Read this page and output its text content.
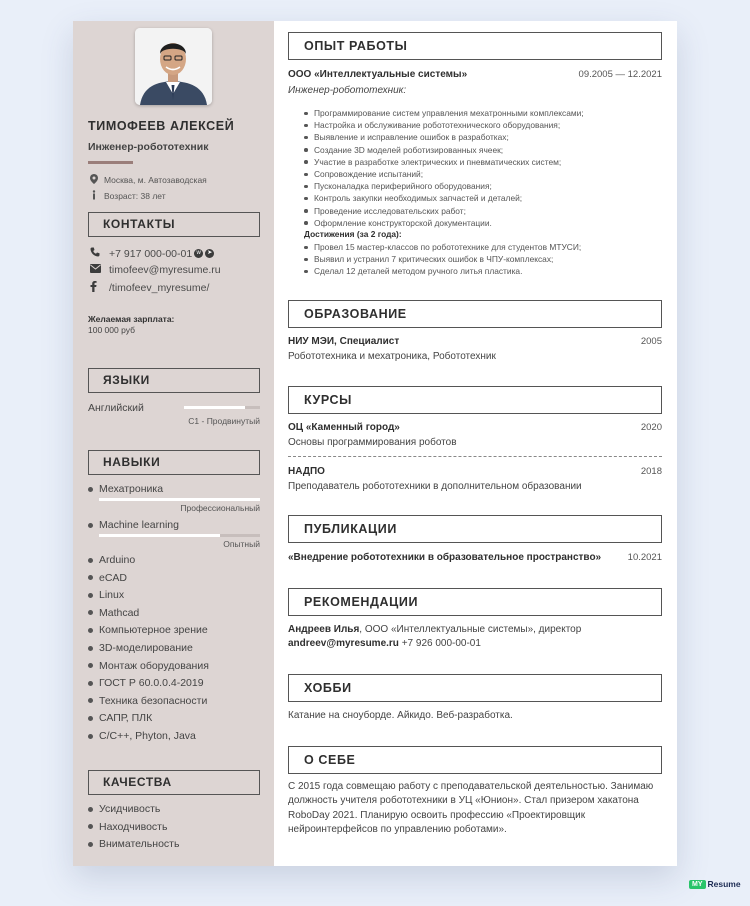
ТИМОФЕЕВ АЛЕКСЕЙ
Инженер-робототехник
Москва, м. Автозаводская
Возраст: 38 лет
КОНТАКТЫ
+7 917 000-00-01 w	➤
timofeev@myresume.ru
/timofeev_myresume/
Желаемая зарплата:
100 000 руб
ЯЗЫКИ
Английский
C1 - Продвинутый
НАВЫКИ
Мехатроника
Профессиональный
Machine learning
Опытный
Arduino
eCAD
Linux
Mathcad
Компьютерное зрение
3D-моделирование
Монтаж оборудования
ГОСТ Р 60.0.0.4-2019
Техника безопасности
САПР, ПЛК
C/C++, Phyton, Java
КАЧЕСТВА
Усидчивость
Находчивость
Внимательность
ОПЫТ РАБОТЫ
ООО «Интеллектуальные системы»	09.2005 — 12.2021
Инженер-робототехник:
Программирование систем управления мехатронными комплексами;
Настройка и обслуживание робототехнического оборудования;
Выявление и исправление ошибок в разработках;
Создание 3D моделей роботизированных ячеек;
Участие в разработке электрических и пневматических систем;
Сопровождение испытаний;
Пусконаладка периферийного оборудования;
Контроль закупки необходимых запчастей и деталей;
Проведение исследовательских работ;
Оформление конструкторской документации.
Достижения (за 2 года):
Провел 15 мастер-классов по робототехнике для студентов МТУСИ;
Выявил и устранил 7 критических ошибок в ЧПУ-комплексах;
Сделал 12 деталей методом ручного литья пластика.
ОБРАЗОВАНИЕ
НИУ МЭИ, Специалист	2005
Робототехника и мехатроника, Робототехник
КУРСЫ
ОЦ «Каменный город»	2020
Основы программирования роботов
НАДПО	2018
Преподаватель робототехники в дополнительном образовании
ПУБЛИКАЦИИ
«Внедрение робототехники в образовательное пространство»	10.2021
РЕКОМЕНДАЦИИ
Андреев Илья, ООО «Интеллектуальные системы», директор
andreev@myresume.ru +7 926 000-00-01
ХОББИ
Катание на сноуборде. Айкидо. Веб-разработка.
О СЕБЕ
С 2015 года совмещаю работу с преподавательской деятельностью. Занимаю должность учителя робототехники в УЦ «Юнион». Стал призером хакатона RoboDay 2021. Планирую освоить профессию «Проектировщик нейроинтерфейсов по управлению роботами».
MY Resume
